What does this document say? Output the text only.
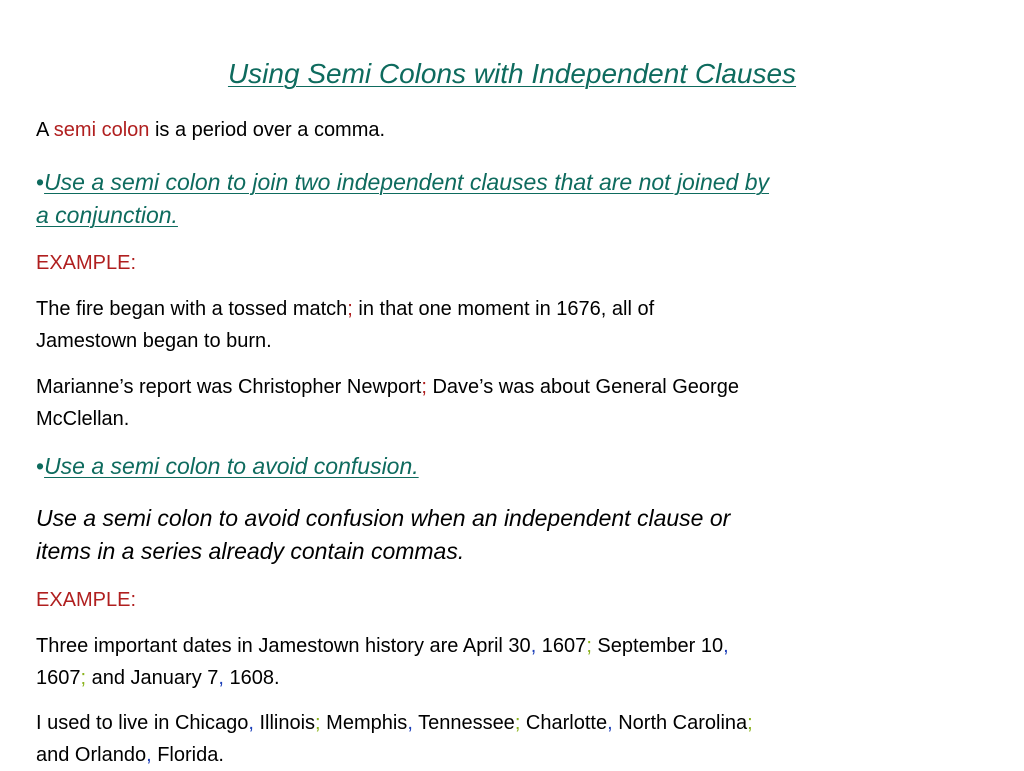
Using Semi Colons with Independent Clauses

A semi colon is a period over a comma.

•Use a semi colon to join two independent clauses that are not joined by
a conjunction.

EXAMPLE:

The fire began with a tossed match; in that one moment in 1676, all of
Jamestown began to burn.

Marianne’s report was Christopher Newport; Dave’s was about General George
McClellan.

•Use a semi colon to avoid confusion.

Use a semi colon to avoid confusion when an independent clause or
items in a series already contain commas.

EXAMPLE:

Three important dates in Jamestown history are April 30, 1607; September 10,
1607; and January 7, 1608.

I used to live in Chicago, Illinois; Memphis, Tennessee; Charlotte, North Carolina;
and Orlando, Florida.
